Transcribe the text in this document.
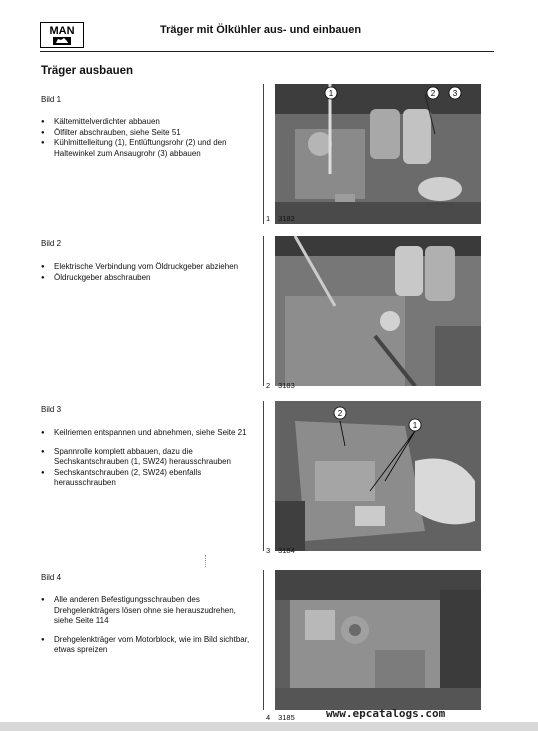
MAN	Träger mit Ölkühler aus- und einbauen
Träger ausbauen
Bild 1
● Kältemittelverdichter abbauen
● Ölfilter abschrauben, siehe Seite 51
● Kühlmittelleitung (1), Entlüftungsrohr (2) und den Haltewinkel zum Ansaugrohr (3) abbauen
1	2 3
1 3182
Bild 2
● Elektrische Verbindung vom Öldruckgeber abziehen
● Öldruckgeber abschrauben
2 3183
Bild 3
● Keilriemen entspannen und abnehmen, siehe Seite 21
● Spannrolle komplett abbauen, dazu die Sechskantschrauben (1, SW24) herausschrauben
● Sechskantschrauben (2, SW24) ebenfalls herausschrauben
2
1
3 3184
Bild 4
● Alle anderen Befestigungsschrauben des Drehgelenkträgers lösen ohne sie herauszudrehen, siehe Seite 114
● Drehgelenkträger vom Motorblock, wie im Bild sichtbar, etwas spreizen
4 3185	www.epcatalogs.com
